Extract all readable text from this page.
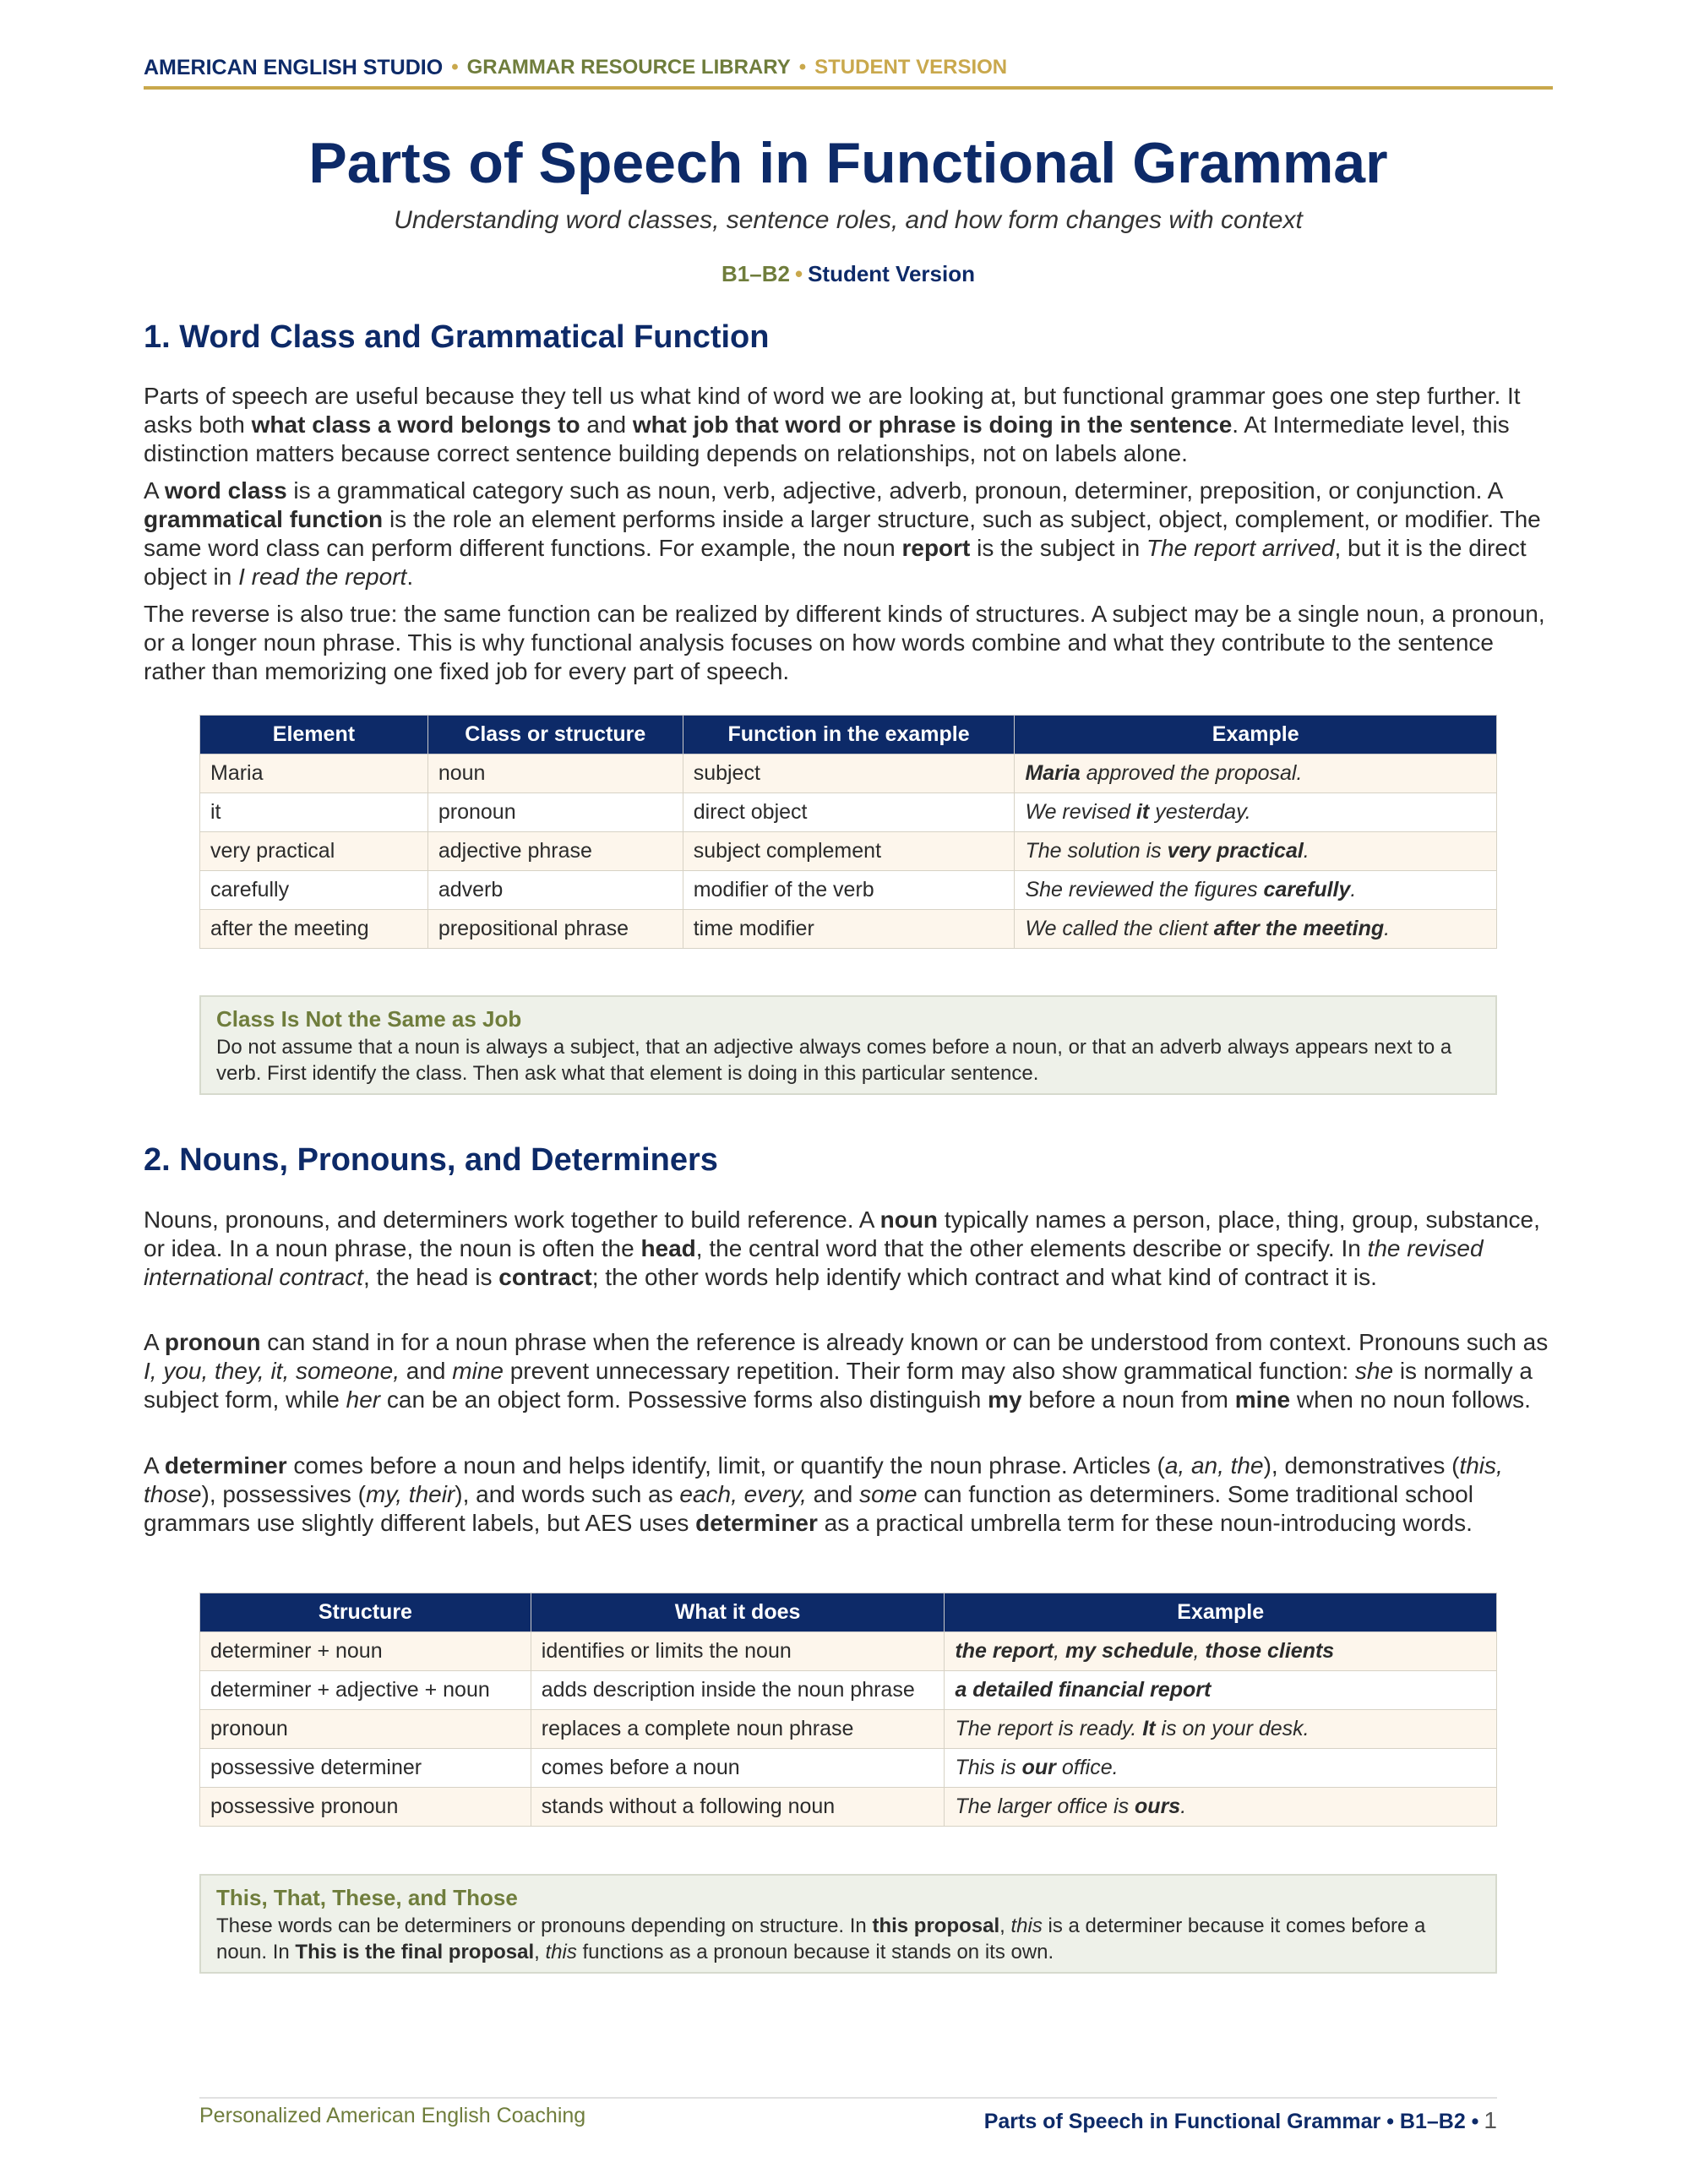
AMERICAN ENGLISH STUDIO • GRAMMAR RESOURCE LIBRARY • STUDENT VERSION
Parts of Speech in Functional Grammar
Understanding word classes, sentence roles, and how form changes with context
B1–B2 • Student Version
1. Word Class and Grammatical Function

Parts of speech are useful because they tell us what kind of word we are looking at, but functional grammar goes one step further. It asks both what class a word belongs to and what job that word or phrase is doing in the sentence. At Intermediate level, this distinction matters because correct sentence building depends on relationships, not on labels alone.

A word class is a grammatical category such as noun, verb, adjective, adverb, pronoun, determiner, preposition, or conjunction. A grammatical function is the role an element performs inside a larger structure, such as subject, object, complement, or modifier. The same word class can perform different functions. For example, the noun report is the subject in The report arrived, but it is the direct object in I read the report.

The reverse is also true: the same function can be realized by different kinds of structures. A subject may be a single noun, a pronoun, or a longer noun phrase. This is why functional analysis focuses on how words combine and what they contribute to the sentence rather than memorizing one fixed job for every part of speech.

Element	Class or structure	Function in the example	Example
Maria	noun	subject	Maria approved the proposal.
it	pronoun	direct object	We revised it yesterday.
very practical	adjective phrase	subject complement	The solution is very practical.
carefully	adverb	modifier of the verb	She reviewed the figures carefully.
after the meeting	prepositional phrase	time modifier	We called the client after the meeting.
Class Is Not the Same as Job
Do not assume that a noun is always a subject, that an adjective always comes before a noun, or that an adverb always appears next to a verb. First identify the class. Then ask what that element is doing in this particular sentence.
2. Nouns, Pronouns, and Determiners

Nouns, pronouns, and determiners work together to build reference. A noun typically names a person, place, thing, group, substance, or idea. In a noun phrase, the noun is often the head, the central word that the other elements describe or specify. In the revised international contract, the head is contract; the other words help identify which contract and what kind of contract it is.

A pronoun can stand in for a noun phrase when the reference is already known or can be understood from context. Pronouns such as I, you, they, it, someone, and mine prevent unnecessary repetition. Their form may also show grammatical function: she is normally a subject form, while her can be an object form. Possessive forms also distinguish my before a noun from mine when no noun follows.

A determiner comes before a noun and helps identify, limit, or quantify the noun phrase. Articles (a, an, the), demonstratives (this, those), possessives (my, their), and words such as each, every, and some can function as determiners. Some traditional school grammars use slightly different labels, but AES uses determiner as a practical umbrella term for these noun-introducing words.

Structure	What it does	Example
determiner + noun	identifies or limits the noun	the report, my schedule, those clients
determiner + adjective + noun	adds description inside the noun phrase	a detailed financial report
pronoun	replaces a complete noun phrase	The report is ready. It is on your desk.
possessive determiner	comes before a noun	This is our office.
possessive pronoun	stands without a following noun	The larger office is ours.
This, That, These, and Those
These words can be determiners or pronouns depending on structure. In this proposal, this is a determiner because it comes before a noun. In This is the final proposal, this functions as a pronoun because it stands on its own.
Personalized American English Coaching	Parts of Speech in Functional Grammar • B1–B2 • 1
